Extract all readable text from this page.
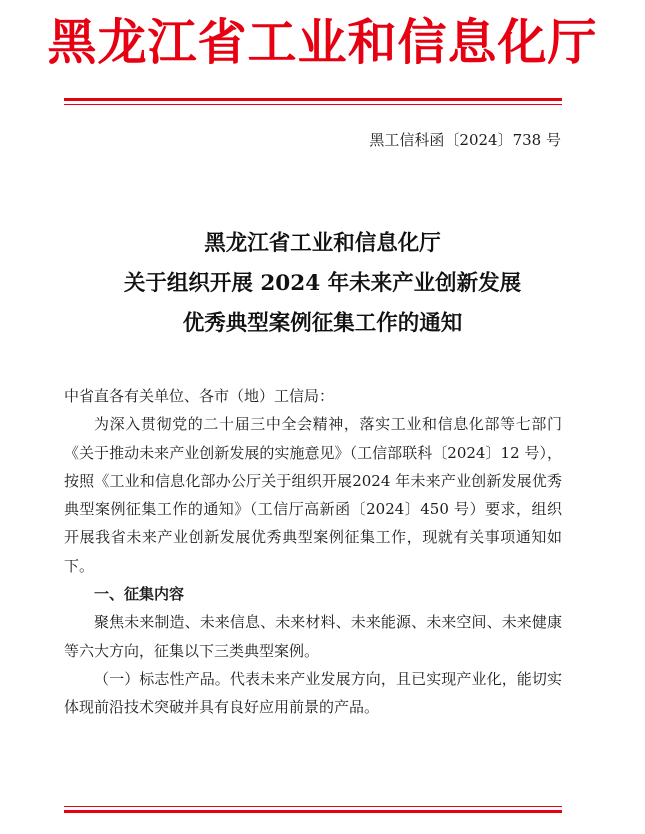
黑龙江省工业和信息化厅
黑工信科函〔2024〕738 号
黑龙江省工业和信息化厅
关于组织开展 2024 年未来产业创新发展
优秀典型案例征集工作的通知

中省直各有关单位、各市（地）工信局：

为深入贯彻党的二十届三中全会精神，落实工业和信息化部等七部门《关于推动未来产业创新发展的实施意见》（工信部联科〔2024〕12 号），按照《工业和信息化部办公厅关于组织开展2024 年未来产业创新发展优秀典型案例征集工作的通知》（工信厅高新函〔2024〕450 号）要求，组织开展我省未来产业创新发展优秀典型案例征集工作，现就有关事项通知如下。

一、征集内容

聚焦未来制造、未来信息、未来材料、未来能源、未来空间、未来健康等六大方向，征集以下三类典型案例。

（一）标志性产品。代表未来产业发展方向，且已实现产业化，能切实体现前沿技术突破并具有良好应用前景的产品。
